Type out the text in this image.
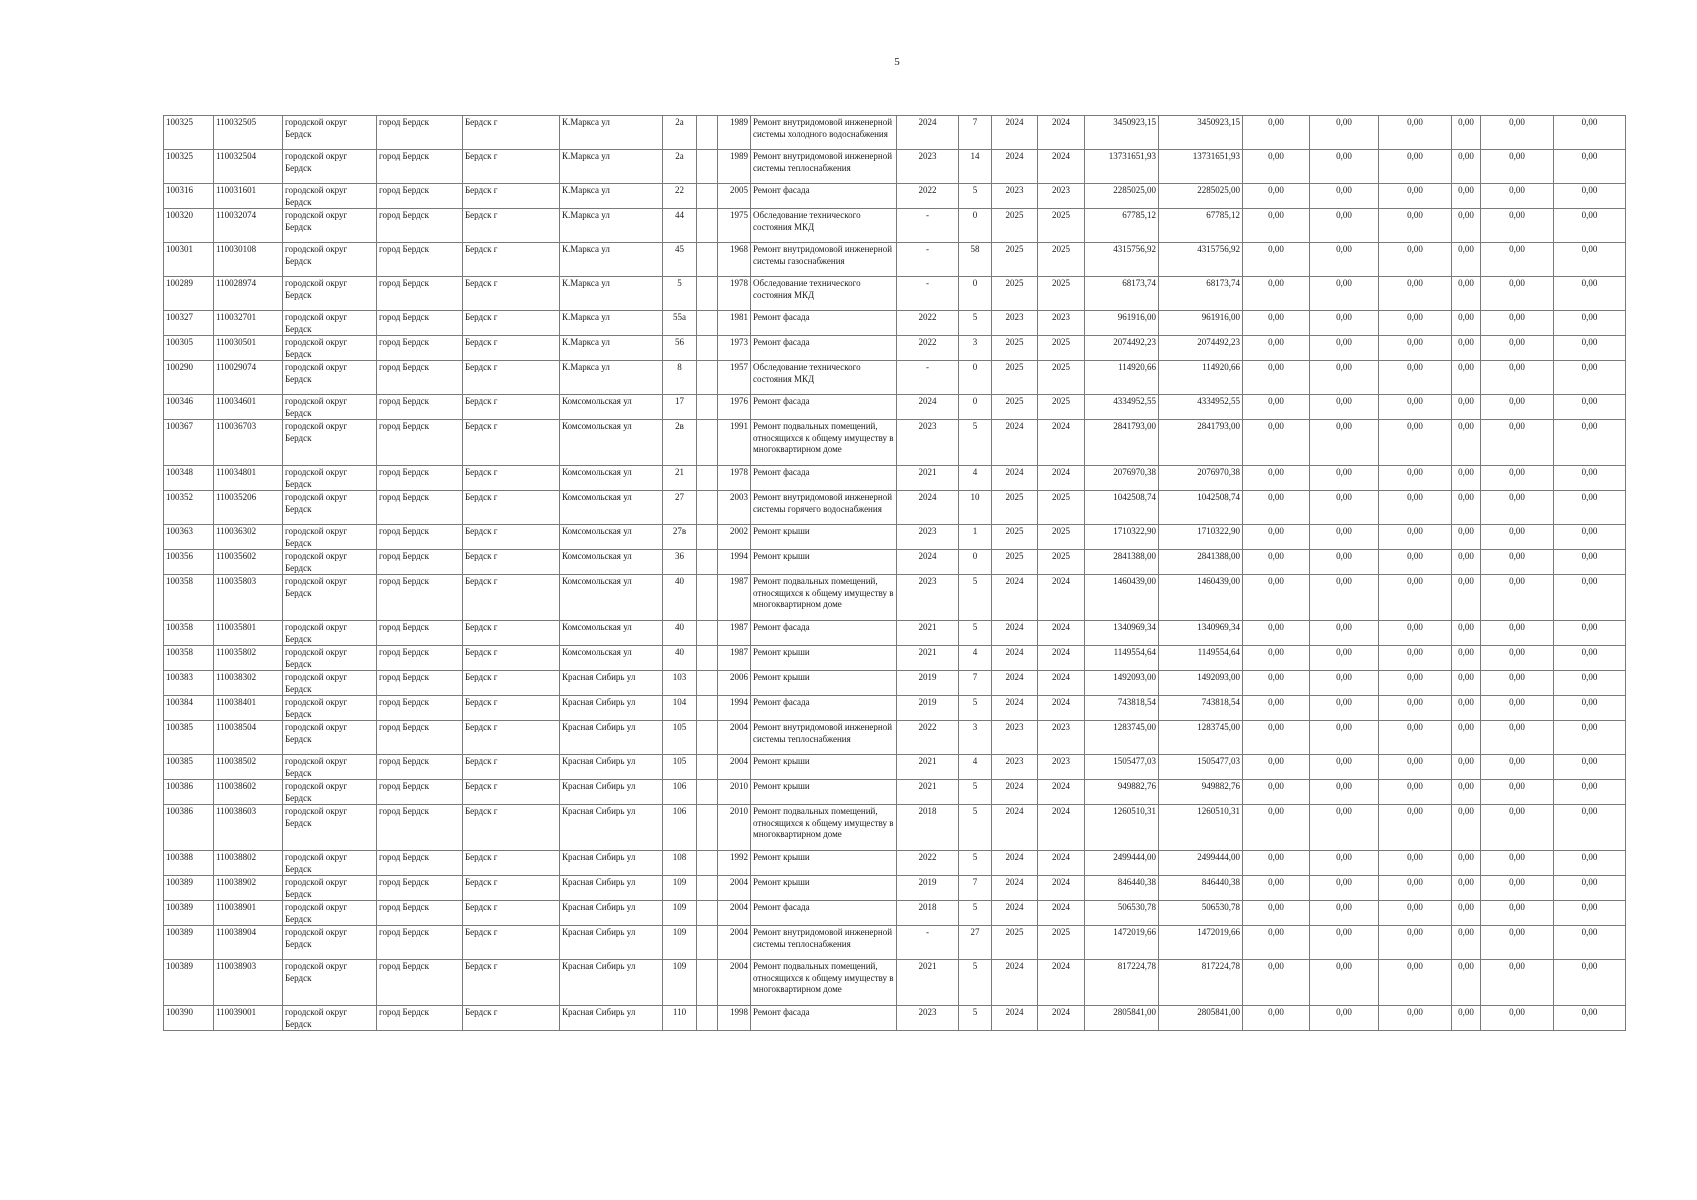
5
100325	110032505	городской округ Бердск	город Бердск	Бердск г	К.Маркса ул	2а		1989	Ремонт внутридомовой инженерной системы холодного водоснабжения	2024	7	2024	2024	3450923,15	3450923,15	0,00	0,00	0,00	0,00	0,00	0,00
100325	110032504	городской округ Бердск	город Бердск	Бердск г	К.Маркса ул	2а		1989	Ремонт внутридомовой инженерной системы теплоснабжения	2023	14	2024	2024	13731651,93	13731651,93	0,00	0,00	0,00	0,00	0,00	0,00
100316	110031601	городской округ Бердск	город Бердск	Бердск г	К.Маркса ул	22		2005	Ремонт фасада	2022	5	2023	2023	2285025,00	2285025,00	0,00	0,00	0,00	0,00	0,00	0,00
100320	110032074	городской округ Бердск	город Бердск	Бердск г	К.Маркса ул	44		1975	Обследование технического состояния МКД	-	0	2025	2025	67785,12	67785,12	0,00	0,00	0,00	0,00	0,00	0,00
100301	110030108	городской округ Бердск	город Бердск	Бердск г	К.Маркса ул	45		1968	Ремонт внутридомовой инженерной системы газоснабжения	-	58	2025	2025	4315756,92	4315756,92	0,00	0,00	0,00	0,00	0,00	0,00
100289	110028974	городской округ Бердск	город Бердск	Бердск г	К.Маркса ул	5		1978	Обследование технического состояния МКД	-	0	2025	2025	68173,74	68173,74	0,00	0,00	0,00	0,00	0,00	0,00
100327	110032701	городской округ Бердск	город Бердск	Бердск г	К.Маркса ул	55а		1981	Ремонт фасада	2022	5	2023	2023	961916,00	961916,00	0,00	0,00	0,00	0,00	0,00	0,00
100305	110030501	городской округ Бердск	город Бердск	Бердск г	К.Маркса ул	56		1973	Ремонт фасада	2022	3	2025	2025	2074492,23	2074492,23	0,00	0,00	0,00	0,00	0,00	0,00
100290	110029074	городской округ Бердск	город Бердск	Бердск г	К.Маркса ул	8		1957	Обследование технического состояния МКД	-	0	2025	2025	114920,66	114920,66	0,00	0,00	0,00	0,00	0,00	0,00
100346	110034601	городской округ Бердск	город Бердск	Бердск г	Комсомольская ул	17		1976	Ремонт фасада	2024	0	2025	2025	4334952,55	4334952,55	0,00	0,00	0,00	0,00	0,00	0,00
100367	110036703	городской округ Бердск	город Бердск	Бердск г	Комсомольская ул	2в		1991	Ремонт подвальных помещений, относящихся к общему имуществу в многоквартирном доме	2023	5	2024	2024	2841793,00	2841793,00	0,00	0,00	0,00	0,00	0,00	0,00
100348	110034801	городской округ Бердск	город Бердск	Бердск г	Комсомольская ул	21		1978	Ремонт фасада	2021	4	2024	2024	2076970,38	2076970,38	0,00	0,00	0,00	0,00	0,00	0,00
100352	110035206	городской округ Бердск	город Бердск	Бердск г	Комсомольская ул	27		2003	Ремонт внутридомовой инженерной системы горячего водоснабжения	2024	10	2025	2025	1042508,74	1042508,74	0,00	0,00	0,00	0,00	0,00	0,00
100363	110036302	городской округ Бердск	город Бердск	Бердск г	Комсомольская ул	27в		2002	Ремонт крыши	2023	1	2025	2025	1710322,90	1710322,90	0,00	0,00	0,00	0,00	0,00	0,00
100356	110035602	городской округ Бердск	город Бердск	Бердск г	Комсомольская ул	36		1994	Ремонт крыши	2024	0	2025	2025	2841388,00	2841388,00	0,00	0,00	0,00	0,00	0,00	0,00
100358	110035803	городской округ Бердск	город Бердск	Бердск г	Комсомольская ул	40		1987	Ремонт подвальных помещений, относящихся к общему имуществу в многоквартирном доме	2023	5	2024	2024	1460439,00	1460439,00	0,00	0,00	0,00	0,00	0,00	0,00
100358	110035801	городской округ Бердск	город Бердск	Бердск г	Комсомольская ул	40		1987	Ремонт фасада	2021	5	2024	2024	1340969,34	1340969,34	0,00	0,00	0,00	0,00	0,00	0,00
100358	110035802	городской округ Бердск	город Бердск	Бердск г	Комсомольская ул	40		1987	Ремонт крыши	2021	4	2024	2024	1149554,64	1149554,64	0,00	0,00	0,00	0,00	0,00	0,00
100383	110038302	городской округ Бердск	город Бердск	Бердск г	Красная Сибирь ул	103		2006	Ремонт крыши	2019	7	2024	2024	1492093,00	1492093,00	0,00	0,00	0,00	0,00	0,00	0,00
100384	110038401	городской округ Бердск	город Бердск	Бердск г	Красная Сибирь ул	104		1994	Ремонт фасада	2019	5	2024	2024	743818,54	743818,54	0,00	0,00	0,00	0,00	0,00	0,00
100385	110038504	городской округ Бердск	город Бердск	Бердск г	Красная Сибирь ул	105		2004	Ремонт внутридомовой инженерной системы теплоснабжения	2022	3	2023	2023	1283745,00	1283745,00	0,00	0,00	0,00	0,00	0,00	0,00
100385	110038502	городской округ Бердск	город Бердск	Бердск г	Красная Сибирь ул	105		2004	Ремонт крыши	2021	4	2023	2023	1505477,03	1505477,03	0,00	0,00	0,00	0,00	0,00	0,00
100386	110038602	городской округ Бердск	город Бердск	Бердск г	Красная Сибирь ул	106		2010	Ремонт крыши	2021	5	2024	2024	949882,76	949882,76	0,00	0,00	0,00	0,00	0,00	0,00
100386	110038603	городской округ Бердск	город Бердск	Бердск г	Красная Сибирь ул	106		2010	Ремонт подвальных помещений, относящихся к общему имуществу в многоквартирном доме	2018	5	2024	2024	1260510,31	1260510,31	0,00	0,00	0,00	0,00	0,00	0,00
100388	110038802	городской округ Бердск	город Бердск	Бердск г	Красная Сибирь ул	108		1992	Ремонт крыши	2022	5	2024	2024	2499444,00	2499444,00	0,00	0,00	0,00	0,00	0,00	0,00
100389	110038902	городской округ Бердск	город Бердск	Бердск г	Красная Сибирь ул	109		2004	Ремонт крыши	2019	7	2024	2024	846440,38	846440,38	0,00	0,00	0,00	0,00	0,00	0,00
100389	110038901	городской округ Бердск	город Бердск	Бердск г	Красная Сибирь ул	109		2004	Ремонт фасада	2018	5	2024	2024	506530,78	506530,78	0,00	0,00	0,00	0,00	0,00	0,00
100389	110038904	городской округ Бердск	город Бердск	Бердск г	Красная Сибирь ул	109		2004	Ремонт внутридомовой инженерной системы теплоснабжения	-	27	2025	2025	1472019,66	1472019,66	0,00	0,00	0,00	0,00	0,00	0,00
100389	110038903	городской округ Бердск	город Бердск	Бердск г	Красная Сибирь ул	109		2004	Ремонт подвальных помещений, относящихся к общему имуществу в многоквартирном доме	2021	5	2024	2024	817224,78	817224,78	0,00	0,00	0,00	0,00	0,00	0,00
100390	110039001	городской округ Бердск	город Бердск	Бердск г	Красная Сибирь ул	110		1998	Ремонт фасада	2023	5	2024	2024	2805841,00	2805841,00	0,00	0,00	0,00	0,00	0,00	0,00
